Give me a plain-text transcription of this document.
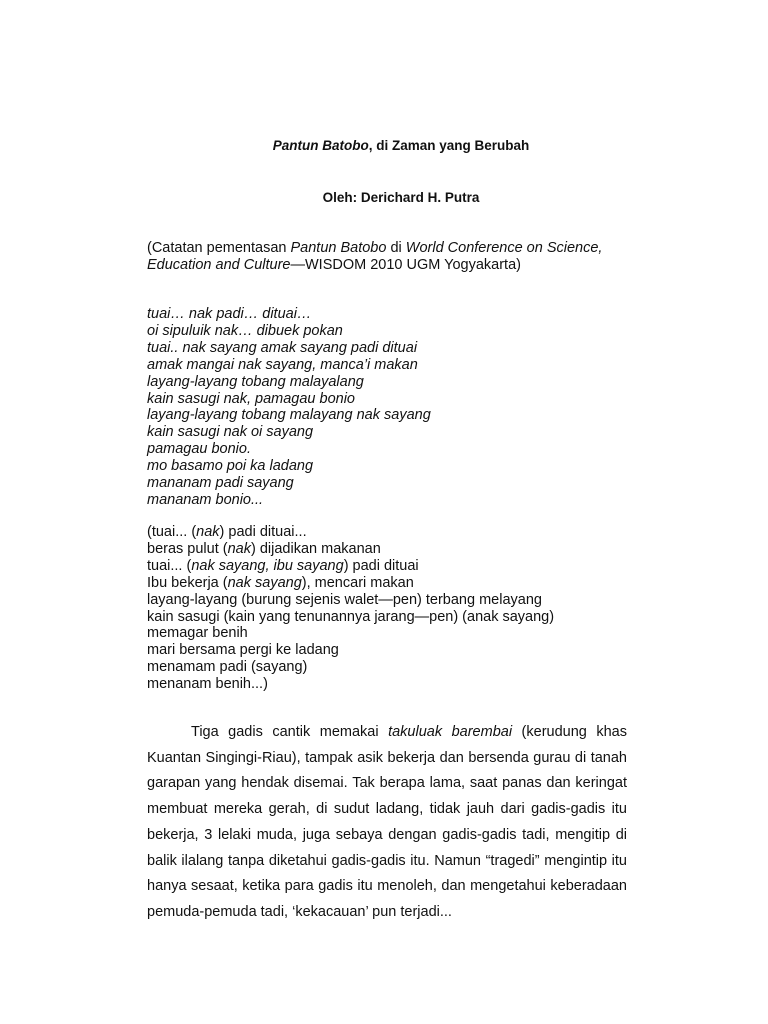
Pantun Batobo, di Zaman yang Berubah
Oleh: Derichard H. Putra
(Catatan pementasan Pantun Batobo di World Conference on Science,
Education and Culture—WISDOM 2010 UGM Yogyakarta)
tuai… nak padi… dituai…
oi sipuluik nak… dibuek pokan
tuai.. nak sayang amak sayang padi dituai
amak mangai nak sayang, manca’i makan
layang-layang tobang malayalang
kain sasugi nak, pamagau bonio
layang-layang tobang malayang nak sayang
kain sasugi nak oi sayang
pamagau bonio.
mo basamo poi ka ladang
mananam padi sayang
mananam bonio...
(tuai... (nak) padi dituai...
beras pulut (nak) dijadikan makanan
tuai... (nak sayang, ibu sayang) padi dituai
Ibu bekerja (nak sayang), mencari makan
layang-layang (burung sejenis walet—pen) terbang melayang
kain sasugi (kain yang tenunannya jarang—pen) (anak sayang)
memagar benih
mari bersama pergi ke ladang
menamam padi (sayang)
menanam benih...)
Tiga gadis cantik memakai takuluak barembai (kerudung khas
Kuantan Singingi-Riau), tampak asik bekerja dan bersenda gurau di tanah
garapan yang hendak disemai. Tak berapa lama, saat panas dan keringat
membuat mereka gerah, di sudut ladang, tidak jauh dari gadis-gadis itu
bekerja, 3 lelaki muda, juga sebaya dengan gadis-gadis tadi, mengitip di
balik ilalang tanpa diketahui gadis-gadis itu. Namun “tragedi” mengintip itu
hanya sesaat, ketika para gadis itu menoleh, dan mengetahui keberadaan
pemuda-pemuda tadi, ‘kekacauan’ pun terjadi...
